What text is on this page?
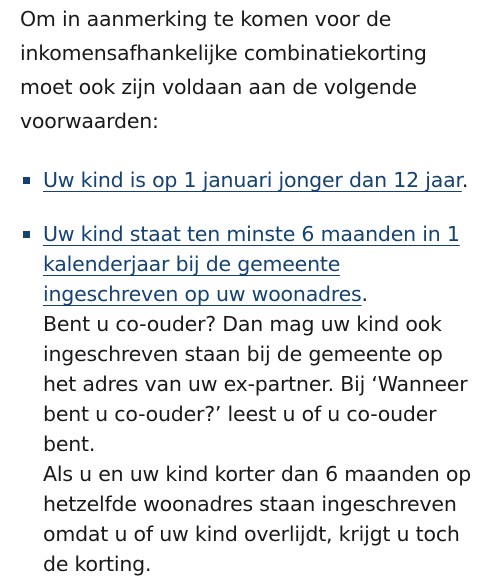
Om in aanmerking te komen voor de inkomensafhankelijke combinatiekorting moet ook zijn voldaan aan de volgende voorwaarden:

Uw kind is op 1 januari jonger dan 12 jaar.
Uw kind staat ten minste 6 maanden in 1 kalenderjaar bij de gemeente ingeschreven op uw woonadres.
Bent u co-ouder? Dan mag uw kind ook ingeschreven staan bij de gemeente op het adres van uw ex-partner. Bij ‘Wanneer bent u co-ouder?’ leest u of u co-ouder bent.
Als u en uw kind korter dan 6 maanden op hetzelfde woonadres staan ingeschreven omdat u of uw kind overlijdt, krijgt u toch de korting.
